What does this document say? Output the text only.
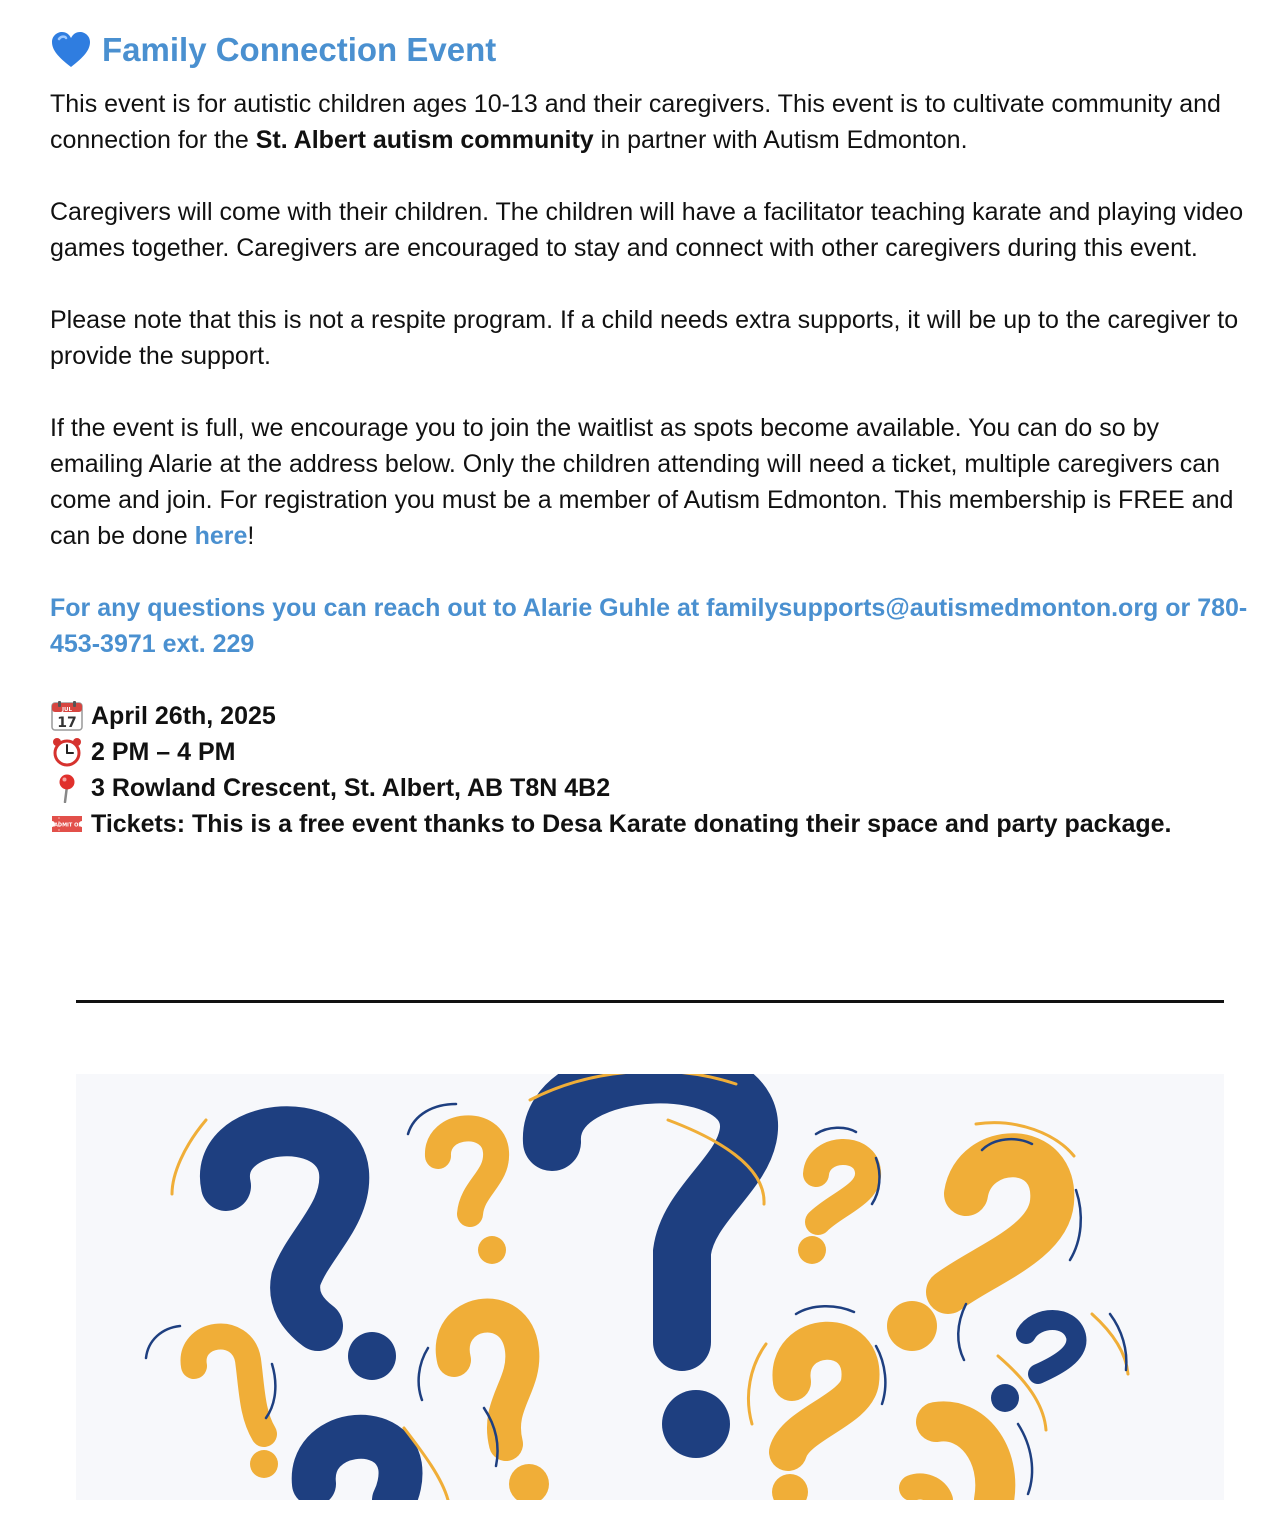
Family Connection Event

This event is for autistic children ages 10-13 and their caregivers. This event is to cultivate community and connection for the St. Albert autism community in partner with Autism Edmonton.

Caregivers will come with their children. The children will have a facilitator teaching karate and playing video games together. Caregivers are encouraged to stay and connect with other caregivers during this event.

Please note that this is not a respite program. If a child needs extra supports, it will be up to the caregiver to provide the support.

If the event is full, we encourage you to join the waitlist as spots become available. You can do so by emailing Alarie at the address below. Only the children attending will need a ticket, multiple caregivers can come and join. For registration you must be a member of Autism Edmonton. This membership is FREE and can be done here!

For any questions you can reach out to Alarie Guhle at familysupports@autismedmonton.org or 780-453-3971 ext. 229

JUL
17 April 26th, 2025
2 PM – 4 PM
3 Rowland Crescent, St. Albert, AB T8N 4B2
ADMIT ONE Tickets: This is a free event thanks to Desa Karate donating their space and party package.
